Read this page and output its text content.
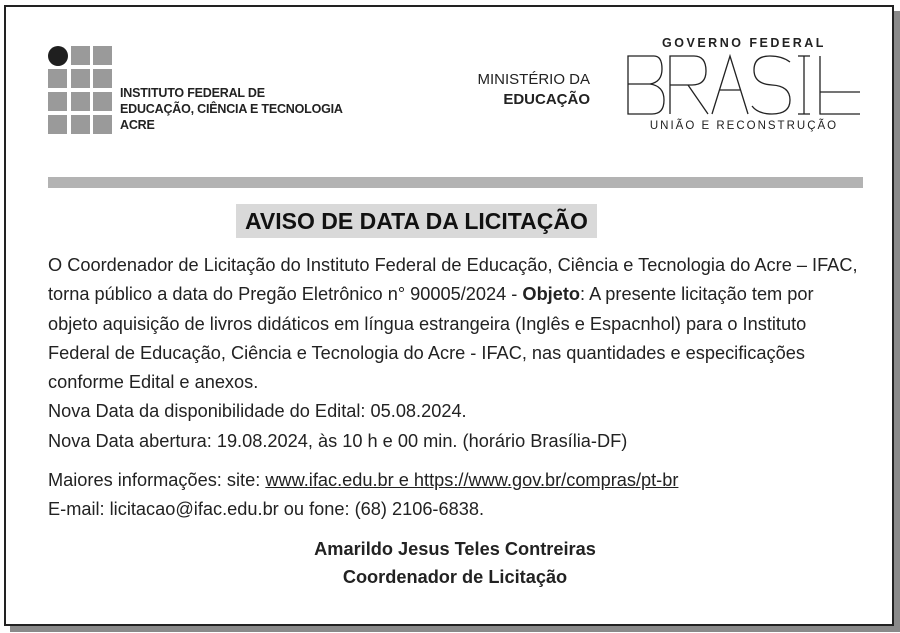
INSTITUTO FEDERAL DE
EDUCAÇÃO, CIÊNCIA E TECNOLOGIA
ACRE
MINISTÉRIO DA
EDUCAÇÃO
GOVERNO FEDERAL
UNIÃO E RECONSTRUÇÃO
AVISO DE DATA DA LICITAÇÃO

O Coordenador de Licitação do Instituto Federal de Educação, Ciência e Tecnologia do Acre – IFAC, torna público a data do Pregão Eletrônico n° 90005/2024 - Objeto: A presente licitação tem por objeto aquisição de livros didáticos em língua estrangeira (Inglês e Espacnhol) para o Instituto Federal de Educação, Ciência e Tecnologia do Acre - IFAC, nas quantidades e especificações conforme Edital e anexos.

Nova Data da disponibilidade do Edital: 05.08.2024.

Nova Data abertura: 19.08.2024, às 10 h e 00 min. (horário Brasília-DF)

Maiores informações: site: www.ifac.edu.br e https://www.gov.br/compras/pt-br
E-mail: licitacao@ifac.edu.br ou fone: (68) 2106-6838.
Amarildo Jesus Teles Contreiras
Coordenador de Licitação
